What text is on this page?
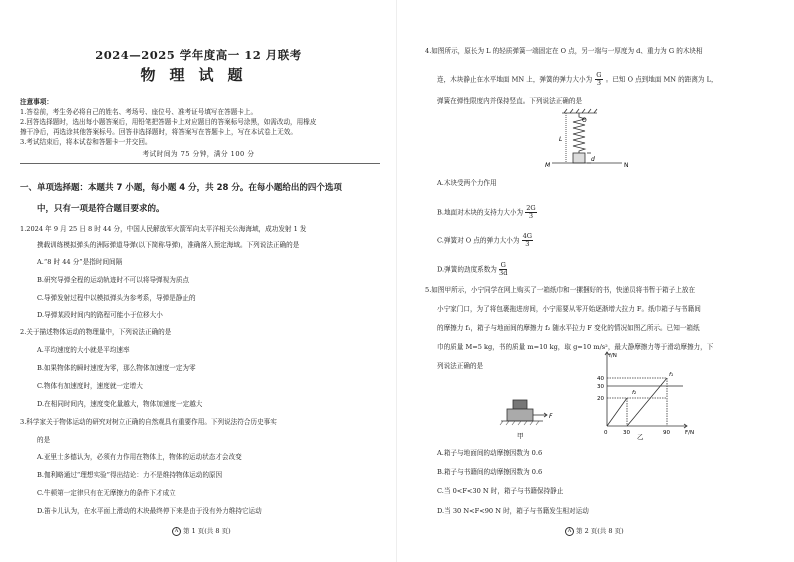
2024—2025 学年度高一 12 月联考
物理试题
注意事项：
1.答卷前，考生务必将自己的姓名、考场号、座位号、准考证号填写在答题卡上。
2.回答选择题时，选出每小题答案后，用铅笔把答题卡上对应题目的答案标号涂黑，如需改动，用橡皮
擦干净后，再选涂其他答案标号。回答非选择题时，将答案写在答题卡上，写在本试卷上无效。
3.考试结束后，将本试卷和答题卡一并交回。
考试时间为 75 分钟，满分 100 分
一、单项选择题：本题共 7 小题，每小题 4 分，共 28 分。在每小题给出的四个选项
中，只有一项是符合题目要求的。
1.2024 年 9 月 25 日 8 时 44 分，中国人民解放军火箭军向太平洋相关公海海域，成功发射 1 发
携载训练模拟弹头的洲际弹道导弹(以下简称导弹)，准确落入预定海域。下列说法正确的是
A.“8 时 44 分”是指时间间隔
B.研究导弹全程的运动轨迹时不可以将导弹视为质点
C.导弹发射过程中以模拟弹头为参考系，导弹是静止的
D.导弹某段时间内的路程可能小于位移大小
2.关于描述物体运动的物理量中，下列说法正确的是
A.平均速度的大小就是平均速率
B.如果物体的瞬时速度为零，那么物体加速度一定为零
C.物体有加速度时，速度就一定增大
D.在相同时间内，速度变化量越大，物体加速度一定越大
3.科学家关于物体运动的研究对树立正确的自然观具有重要作用。下列说法符合历史事实
的是
A.亚里士多德认为，必须有力作用在物体上，物体的运动状态才会改变
B.伽利略通过“理想实验”得出结论：力不是维持物体运动的原因
C.牛顿第一定律只有在无摩擦力的条件下才成立
D.笛卡儿认为，在水平面上滑动的木块最终停下来是由于没有外力维持它运动
A 第 1 页(共 8 页)
4.如图所示，原长为 L 的轻质弹簧一端固定在 O 点，另一端与一厚度为 d、重力为 G 的木块相
连，木块静止在水平地面 MN 上，弹簧的弹力大小为 $\frac{G}{3}$ 。已知 O 点到地面 MN 的距离为 L，
弹簧在弹性限度内并保持竖直。下列说法正确的是
O
L
d
M	N
A.木块受两个力作用
B.地面对木块的支持力大小为 $\frac{2G}{3}$
C.弹簧对 O 点的弹力大小为 $\frac{4G}{3}$
D.弹簧的劲度系数为 $\frac{G}{3d}$
5.如图甲所示，小宁同学在网上购买了一箱纸巾和一摞捆好的书，快递员将书暂于箱子上放在
小宁家门口，为了将包裹拖进房间，小宁需要从零开始逐渐增大拉力 F。纸巾箱子与书籍间
的摩擦力 f₁，箱子与地面间的摩擦力 f₂ 随水平拉力 F 变化的情况如图乙所示。已知一箱纸
巾的质量 M=5 kg，书的质量 m=10 kg，取 g=10 m/s²，最大静摩擦力等于滑动摩擦力，下
列说法正确的是
F
甲
f/N
F/N
40
30
20
0	30	90
f₁
f₂
乙
A.箱子与地面间的动摩擦因数为 0.6
B.箱子与书籍间的动摩擦因数为 0.6
C.当 0<F<30 N 时，箱子与书籍保持静止
D.当 30 N<F<90 N 时，箱子与书籍发生相对运动
A 第 2 页(共 8 页)
